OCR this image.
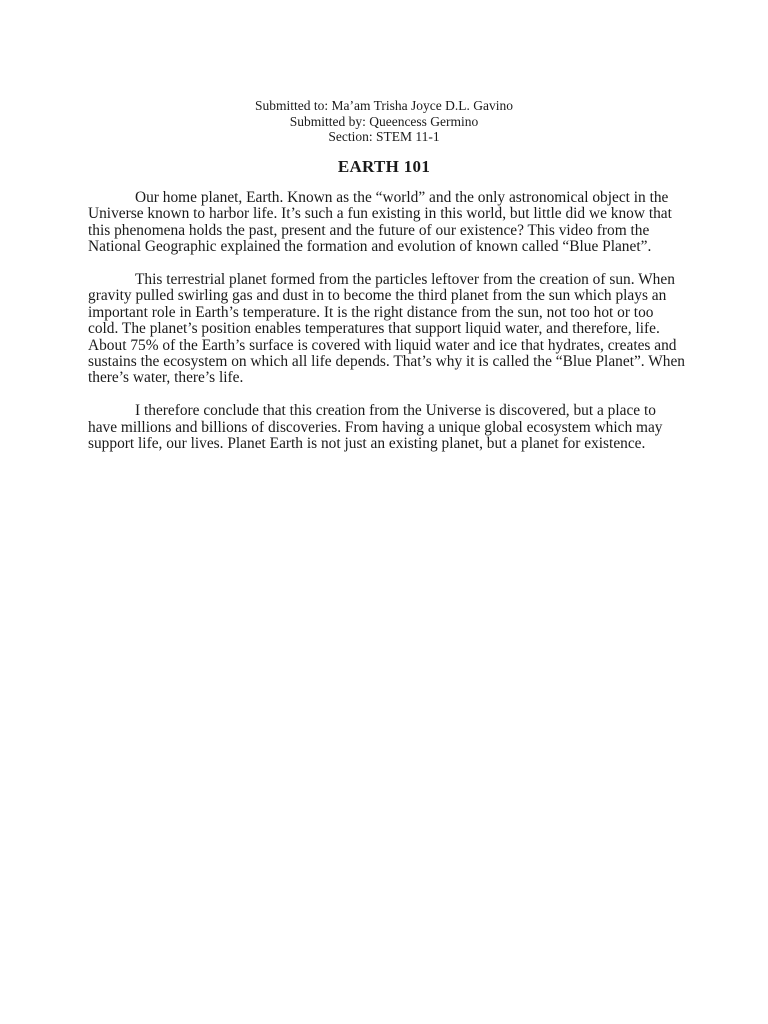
Submitted to: Ma’am Trisha Joyce D.L. Gavino
Submitted by: Queencess Germino
Section: STEM 11-1
EARTH 101

Our home planet, Earth. Known as the “world” and the only astronomical object in the Universe known to harbor life. It’s such a fun existing in this world, but little did we know that this phenomena holds the past, present and the future of our existence? This video from the National Geographic explained the formation and evolution of known called “Blue Planet”.

This terrestrial planet formed from the particles leftover from the creation of sun. When gravity pulled swirling gas and dust in to become the third planet from the sun which plays an important role in Earth’s temperature. It is the right distance from the sun, not too hot or too cold. The planet’s position enables temperatures that support liquid water, and therefore, life. About 75% of the Earth’s surface is covered with liquid water and ice that hydrates, creates and sustains the ecosystem on which all life depends. That’s why it is called the “Blue Planet”. When there’s water, there’s life.

I therefore conclude that this creation from the Universe is discovered, but a place to have millions and billions of discoveries. From having a unique global ecosystem which may support life, our lives. Planet Earth is not just an existing planet, but a planet for existence.
